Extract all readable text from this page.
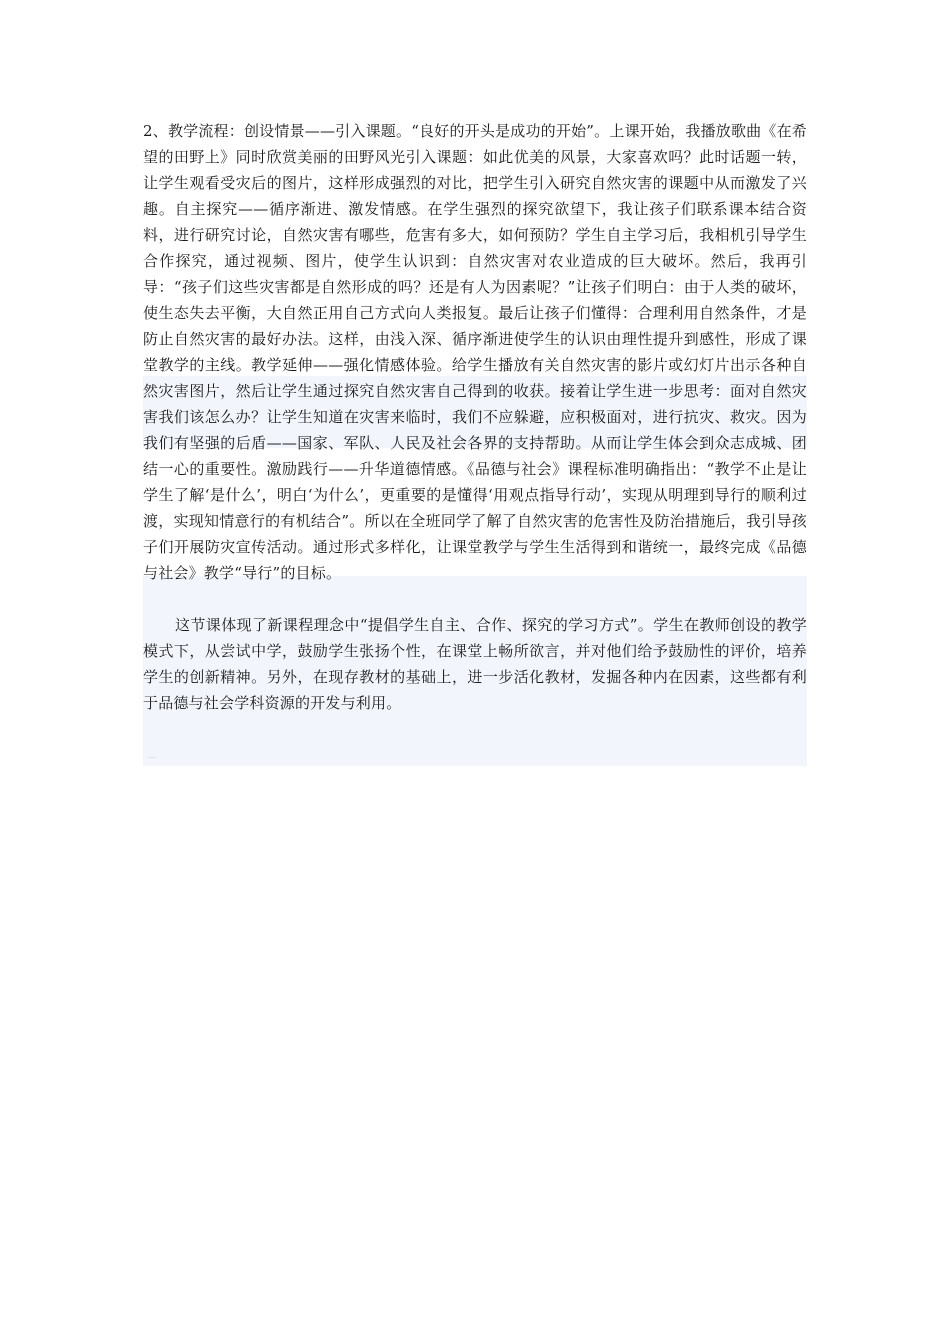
2、教学流程：创设情景——引入课题。“良好的开头是成功的开始”。上课开始，我播放歌曲《在希望的田野上》同时欣赏美丽的田野风光引入课题：如此优美的风景，大家喜欢吗？此时话题一转，让学生观看受灾后的图片，这样形成强烈的对比，把学生引入研究自然灾害的课题中从而激发了兴趣。自主探究——循序渐进、激发情感。在学生强烈的探究欲望下，我让孩子们联系课本结合资料，进行研究讨论，自然灾害有哪些，危害有多大，如何预防？学生自主学习后，我相机引导学生合作探究，通过视频、图片，使学生认识到：自然灾害对农业造成的巨大破坏。然后，我再引导：“孩子们这些灾害都是自然形成的吗？还是有人为因素呢？”让孩子们明白：由于人类的破坏，使生态失去平衡，大自然正用自己方式向人类报复。最后让孩子们懂得：合理利用自然条件，才是防止自然灾害的最好办法。这样，由浅入深、循序渐进使学生的认识由理性提升到感性，形成了课堂教学的主线。教学延伸——强化情感体验。给学生播放有关自然灾害的影片或幻灯片出示各种自然灾害图片，然后让学生通过探究自然灾害自己得到的收获。接着让学生进一步思考：面对自然灾害我们该怎么办？让学生知道在灾害来临时，我们不应躲避，应积极面对，进行抗灾、救灾。因为我们有坚强的后盾——国家、军队、人民及社会各界的支持帮助。从而让学生体会到众志成城、团结一心的重要性。激励践行——升华道德情感。《品德与社会》课程标准明确指出：“教学不止是让学生了解‘是什么’，明白‘为什么’，更重要的是懂得‘用观点指导行动’，实现从明理到导行的顺利过渡，实现知情意行的有机结合”。所以在全班同学了解了自然灾害的危害性及防治措施后，我引导孩子们开展防灾宣传活动。通过形式多样化，让课堂教学与学生生活得到和谐统一，最终完成《品德与社会》教学“导行”的目标。

这节课体现了新课程理念中“提倡学生自主、合作、探究的学习方式”。学生在教师创设的教学模式下，从尝试中学，鼓励学生张扬个性，在课堂上畅所欲言，并对他们给予鼓励性的评价，培养学生的创新精神。另外，在现存教材的基础上，进一步活化教材，发掘各种内在因素，这些都有利于品德与社会学科资源的开发与利用。
